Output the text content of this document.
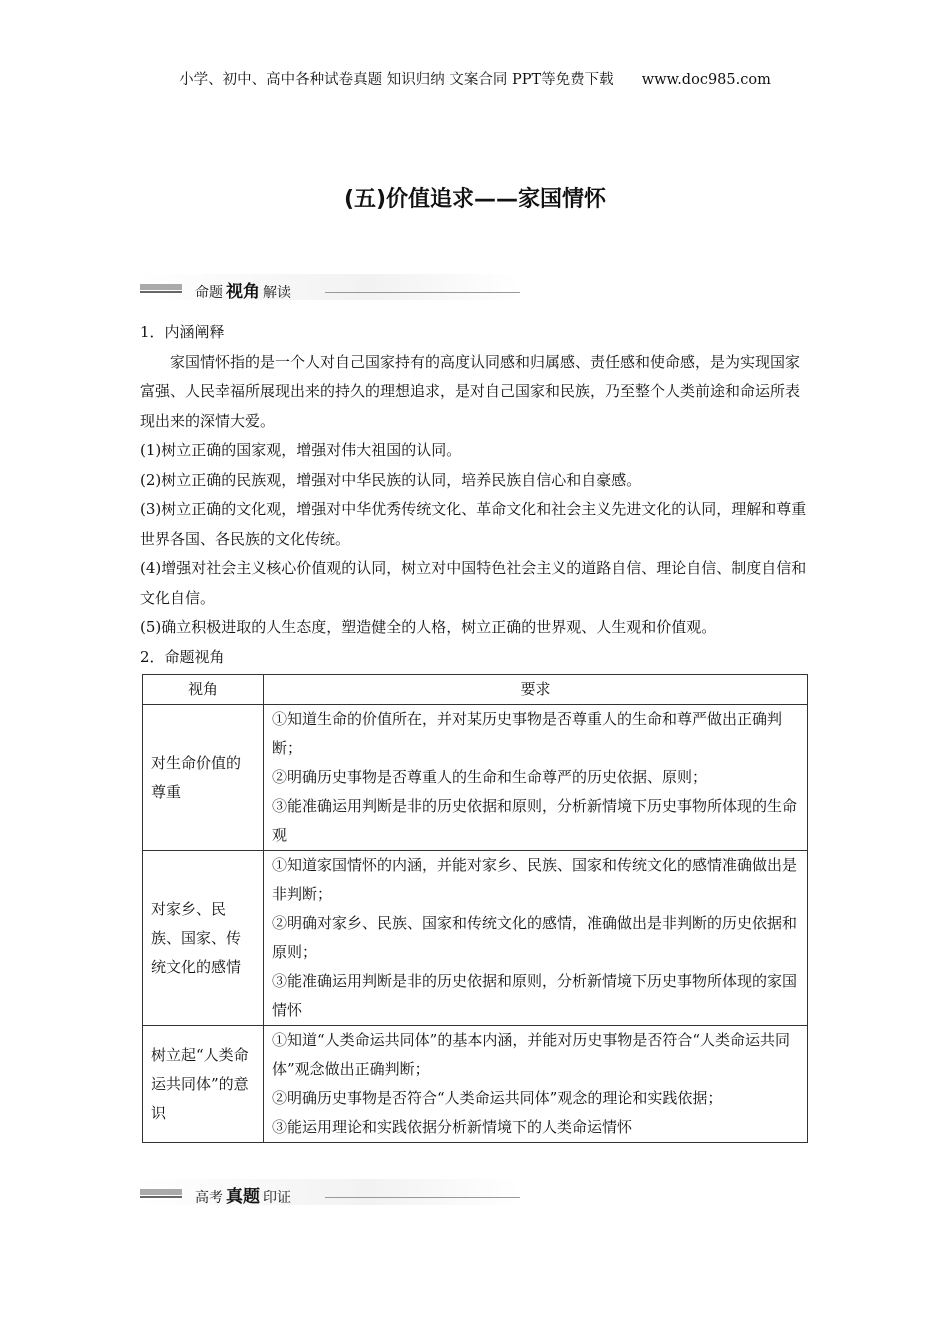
小学、初中、高中各种试卷真题 知识归纳 文案合同 PPT等免费下载 www.doc985.com
(五)价值追求——家国情怀
命题 视角 解读

1．内涵阐释

家国情怀指的是一个人对自己国家持有的高度认同感和归属感、责任感和使命感，是为实现国家富强、人民幸福所展现出来的持久的理想追求，是对自己国家和民族，乃至整个人类前途和命运所表现出来的深情大爱。

(1)树立正确的国家观，增强对伟大祖国的认同。

(2)树立正确的民族观，增强对中华民族的认同，培养民族自信心和自豪感。

(3)树立正确的文化观，增强对中华优秀传统文化、革命文化和社会主义先进文化的认同，理解和尊重世界各国、各民族的文化传统。

(4)增强对社会主义核心价值观的认同，树立对中国特色社会主义的道路自信、理论自信、制度自信和文化自信。

(5)确立积极进取的人生态度，塑造健全的人格，树立正确的世界观、人生观和价值观。

2．命题视角

视角	要求
对生命价值的尊重	①知道生命的价值所在，并对某历史事物是否尊重人的生命和尊严做出正确判断；
②明确历史事物是否尊重人的生命和生命尊严的历史依据、原则；
③能准确运用判断是非的历史依据和原则，分析新情境下历史事物所体现的生命观

对家乡、民族、国家、传统文化的感情	①知道家国情怀的内涵，并能对家乡、民族、国家和传统文化的感情准确做出是非判断；
②明确对家乡、民族、国家和传统文化的感情，准确做出是非判断的历史依据和原则；
③能准确运用判断是非的历史依据和原则，分析新情境下历史事物所体现的家国情怀

树立起“人类命运共同体”的意识	①知道“人类命运共同体”的基本内涵，并能对历史事物是否符合“人类命运共同体”观念做出正确判断；
②明确历史事物是否符合“人类命运共同体”观念的理论和实践依据；
③能运用理论和实践依据分析新情境下的人类命运情怀
高考 真题 印证
